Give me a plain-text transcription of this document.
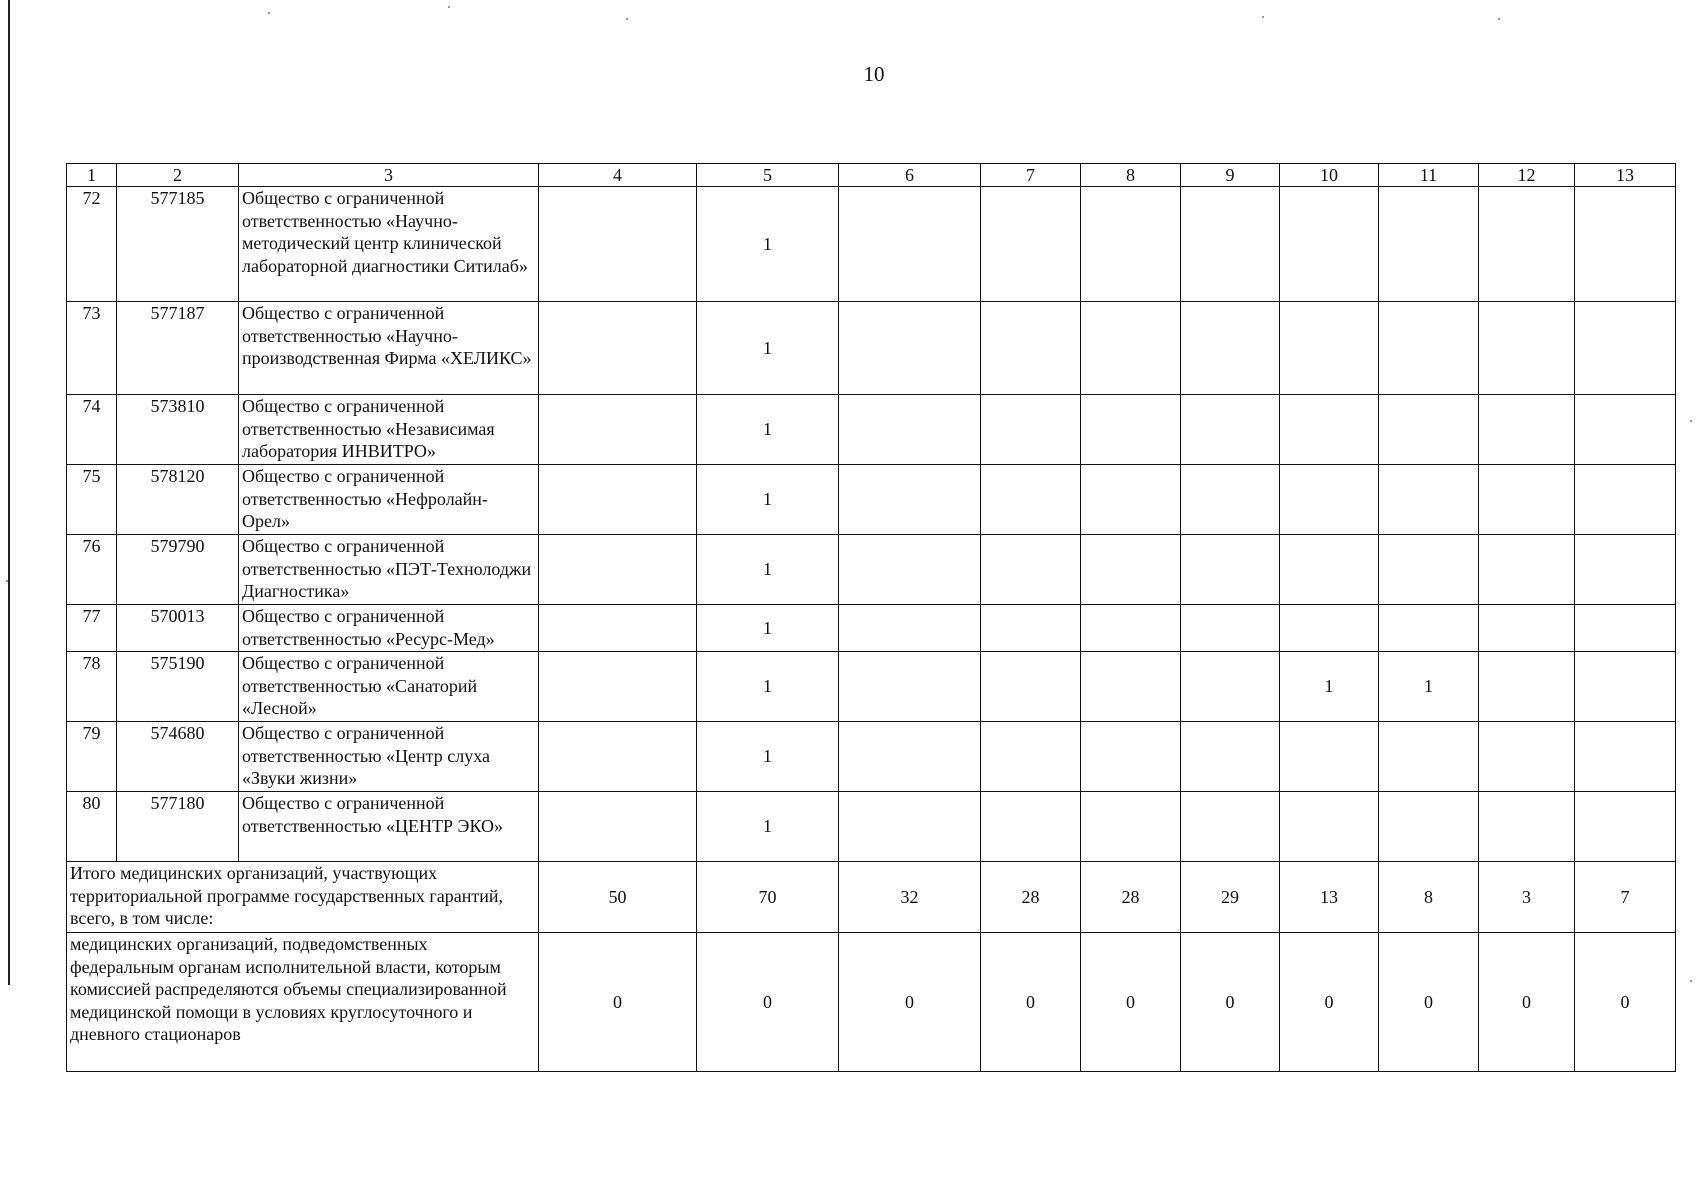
10
1	2	3	4	5	6	7	8	9	10	11	12	13
72	577185	Общество с ограниченной ответственностью «Научно-методический центр клинической лабораторной диагностики Ситилаб»		1								
73	577187	Общество с ограниченной ответственностью «Научно-производственная Фирма «ХЕЛИКС»		1								
74	573810	Общество с ограниченной ответственностью «Независимая лаборатория ИНВИТРО»		1								
75	578120	Общество с ограниченной ответственностью «Нефролайн-Орел»		1								
76	579790	Общество с ограниченной ответственностью «ПЭТ-Технолоджи Диагностика»		1								
77	570013	Общество с ограниченной ответственностью «Ресурс-Мед»		1								
78	575190	Общество с ограниченной ответственностью «Санаторий «Лесной»		1					1	1		
79	574680	Общество с ограниченной ответственностью «Центр слуха «Звуки жизни»		1								
80	577180	Общество с ограниченной ответственностью «ЦЕНТР ЭКО»		1								
Итого медицинских организаций, участвующих территориальной программе государственных гарантий, всего, в том числе:			50	70	32	28	28	29	13	8	3	7
медицинских организаций, подведомственных федеральным органам исполнительной власти, которым комиссией распределяются объемы специализированной медицинской помощи в условиях круглосуточного и дневного стационаров			0	0	0	0	0	0	0	0	0	0
